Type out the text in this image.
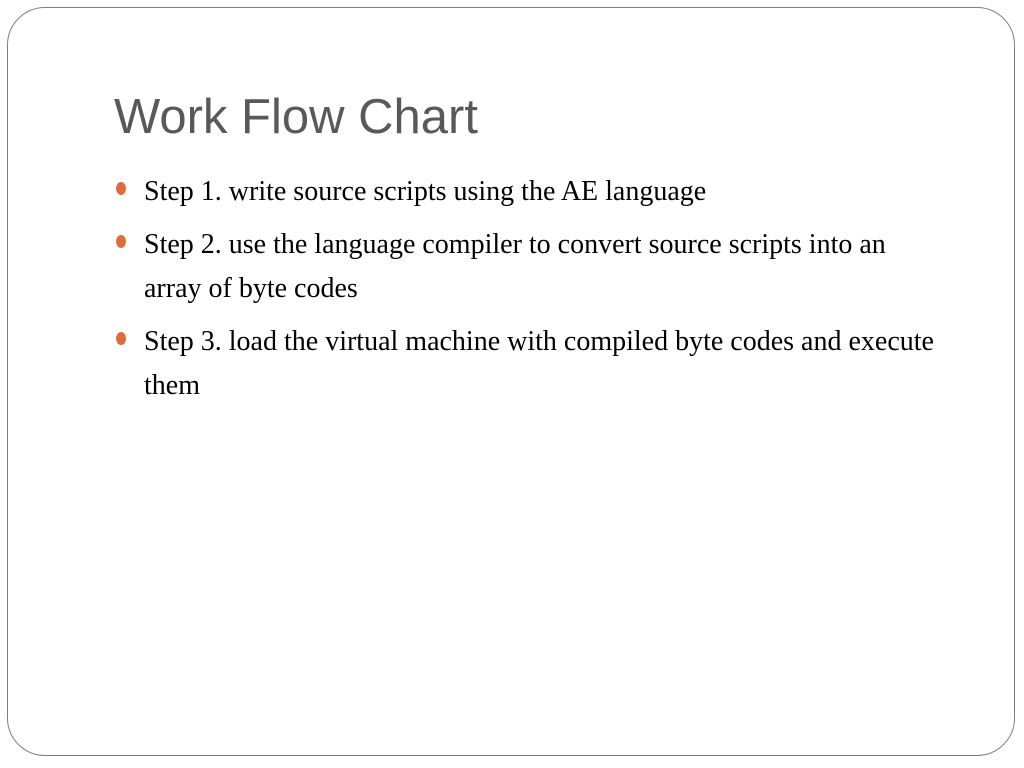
Work Flow Chart
Step 1. write source scripts using the AE language
Step 2. use the language compiler to convert source scripts into an array of byte codes
Step 3. load the virtual machine with compiled byte codes and execute them
